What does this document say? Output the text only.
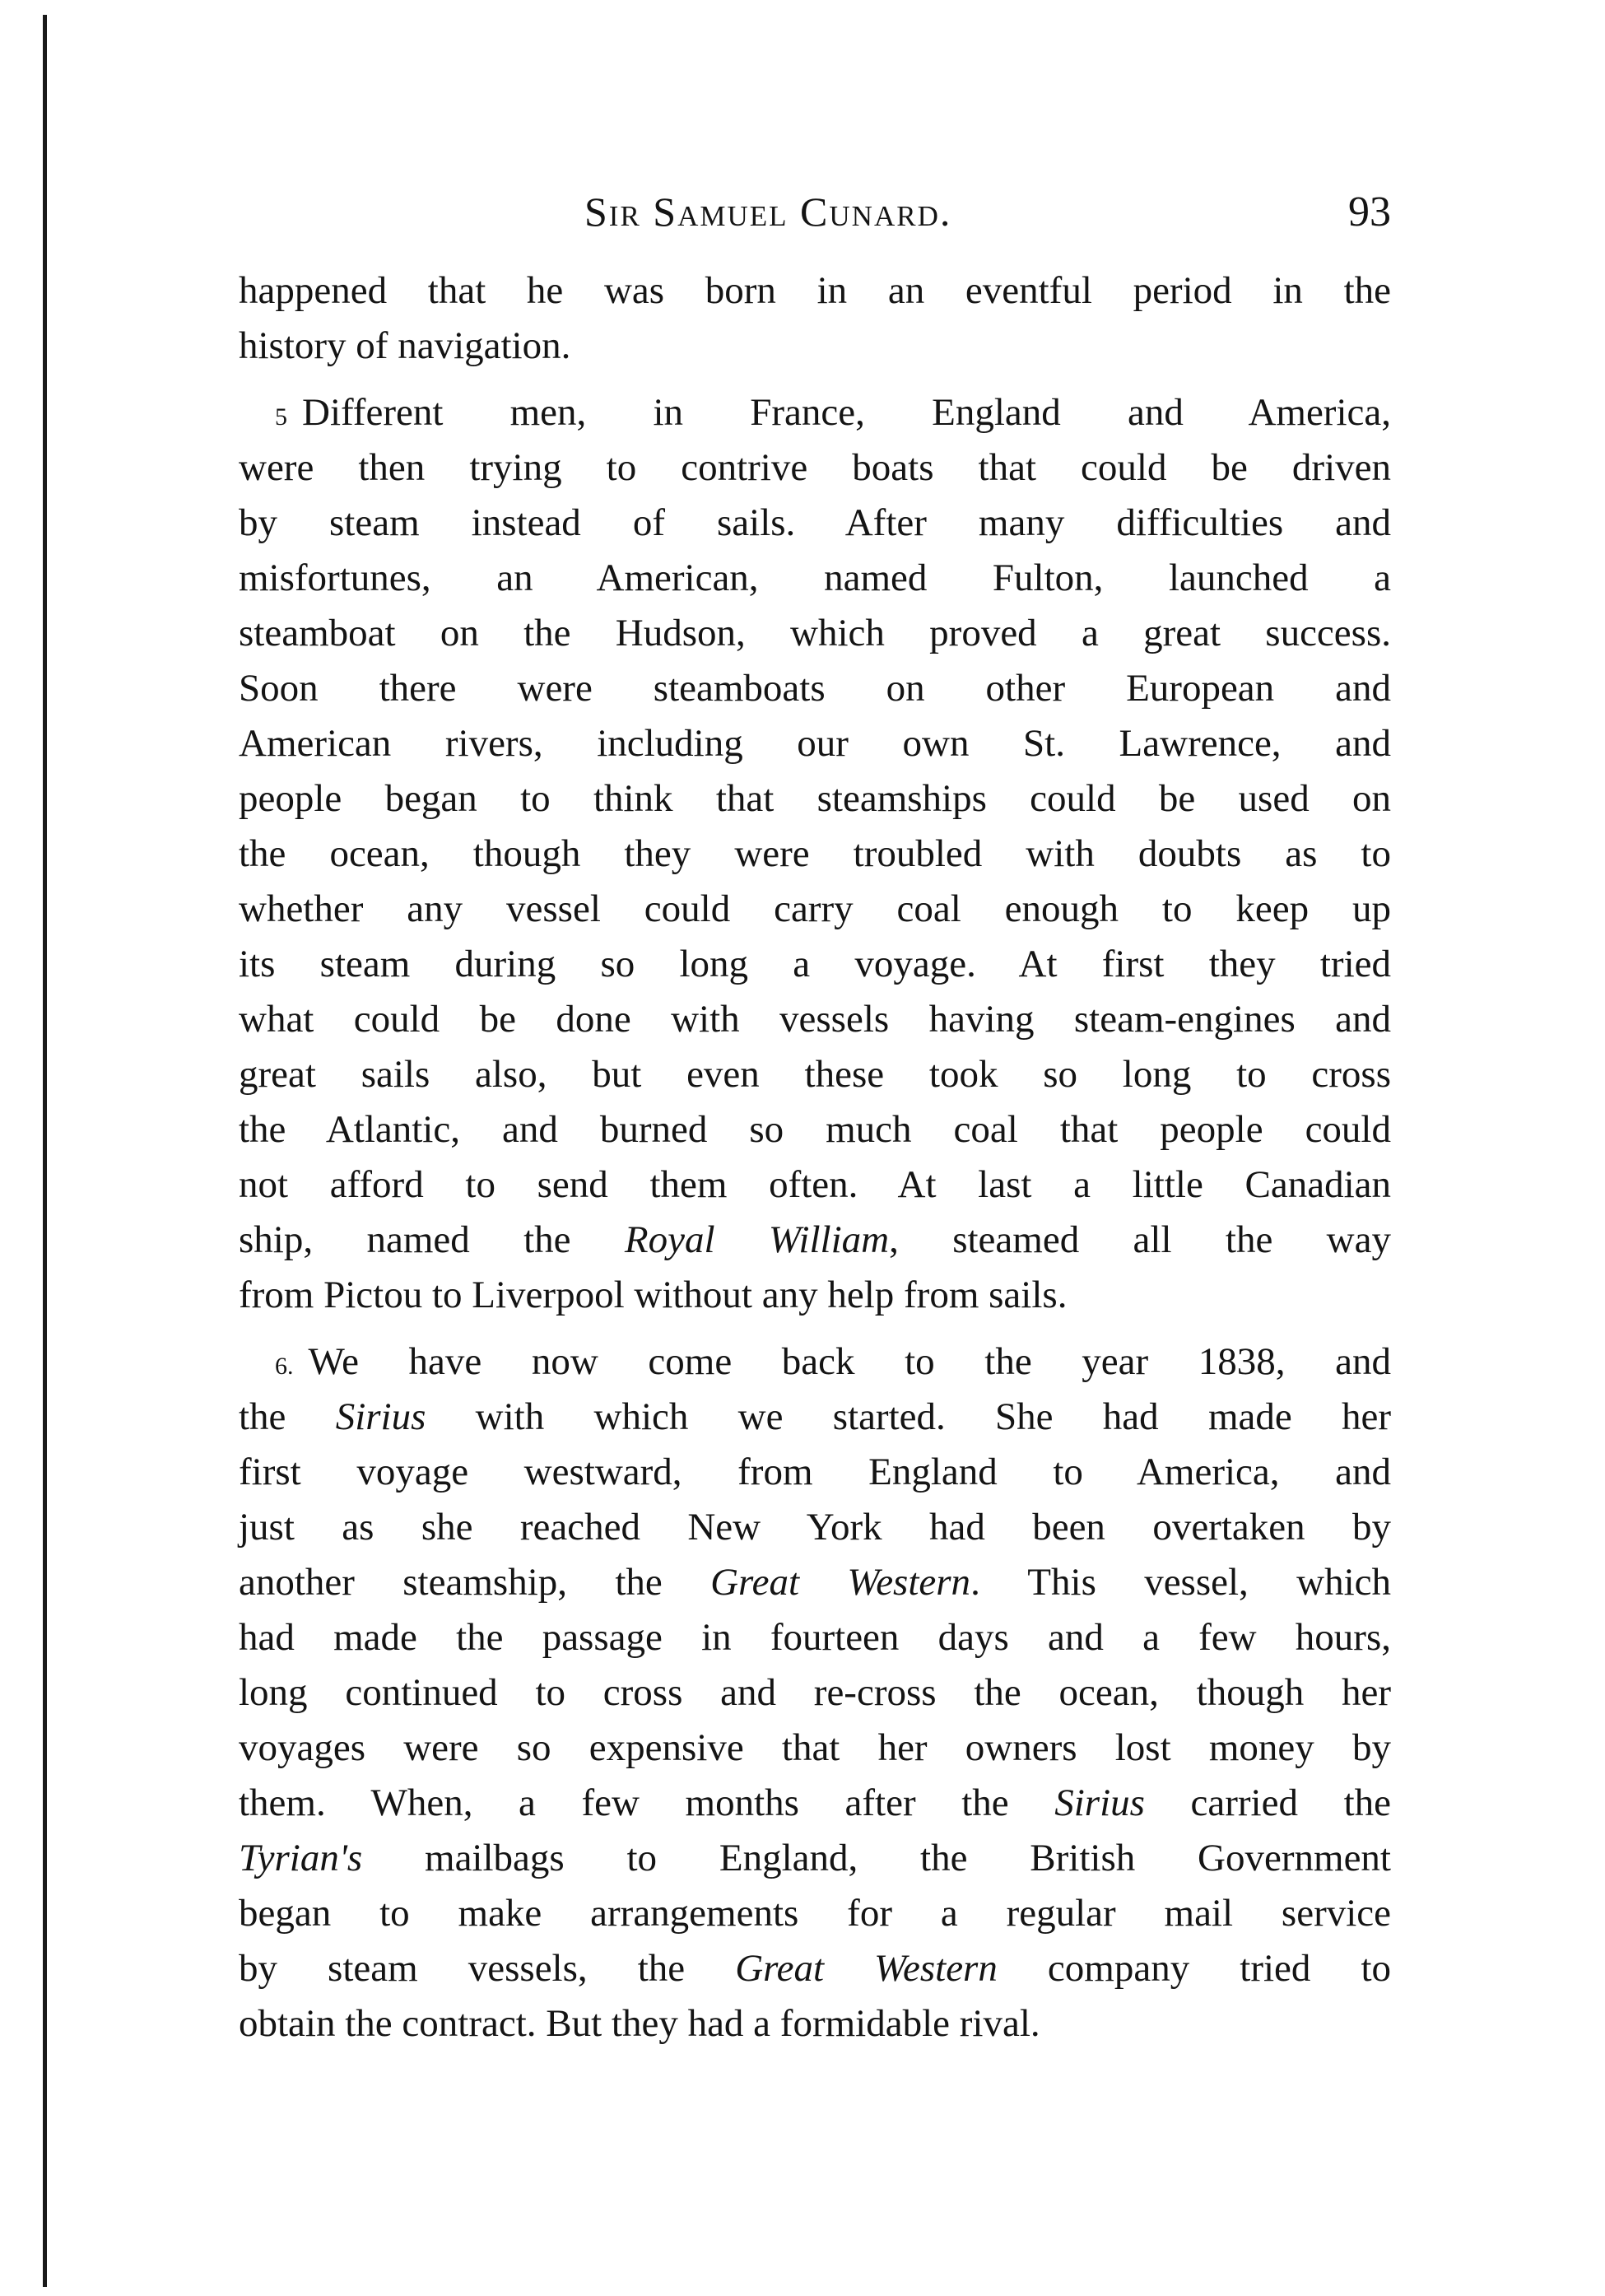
Sir Samuel Cunard.	93
happened that he was born in an eventful period in the
history of navigation.
5 Different men, in France, England and America,
were then trying to contrive boats that could be driven
by steam instead of sails. After many difficulties and
misfortunes, an American, named Fulton, launched a
steamboat on the Hudson, which proved a great success.
Soon there were steamboats on other European and
American rivers, including our own St. Lawrence, and
people began to think that steamships could be used on
the ocean, though they were troubled with doubts as to
whether any vessel could carry coal enough to keep up
its steam during so long a voyage. At first they tried
what could be done with vessels having steam-engines and
great sails also, but even these took so long to cross
the Atlantic, and burned so much coal that people could
not afford to send them often. At last a little Canadian
ship, named the Royal William, steamed all the way
from Pictou to Liverpool without any help from sails.
6. We have now come back to the year 1838, and
the Sirius with which we started. She had made her
first voyage westward, from England to America, and
just as she reached New York had been overtaken by
another steamship, the Great Western. This vessel, which
had made the passage in fourteen days and a few hours,
long continued to cross and re-cross the ocean, though her
voyages were so expensive that her owners lost money by
them. When, a few months after the Sirius carried the
Tyrian's mailbags to England, the British Government
began to make arrangements for a regular mail service
by steam vessels, the Great Western company tried to
obtain the contract. But they had a formidable rival.
